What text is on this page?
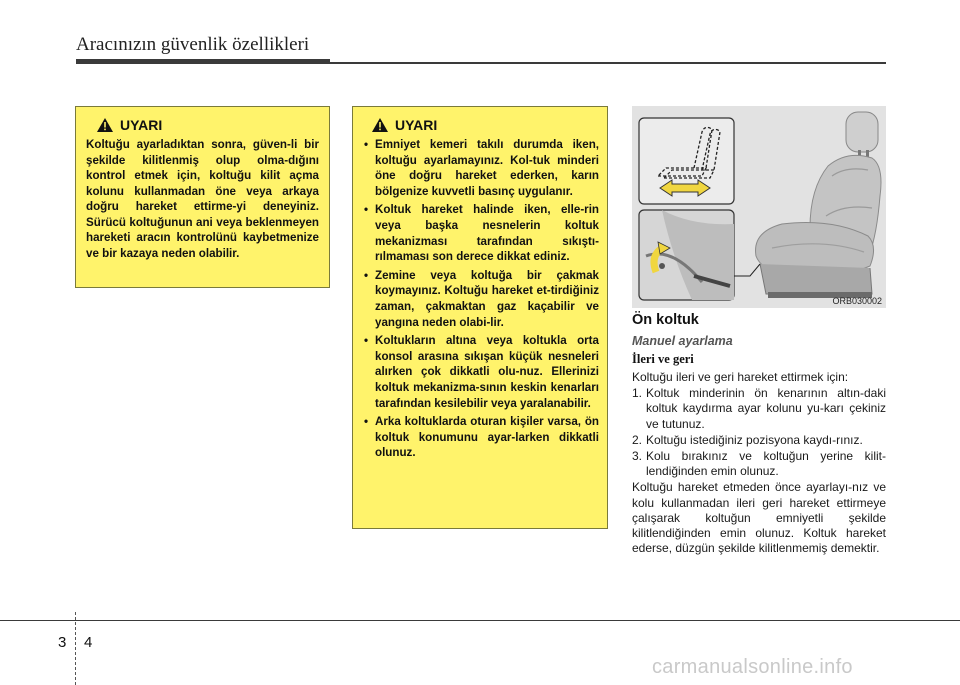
Aracınızın güvenlik özellikleri
UYARI
Koltuğu ayarladıktan sonra, güven-li bir şekilde kilitlenmiş olup olma-dığını kontrol etmek için, koltuğu kilit açma kolunu kullanmadan öne veya arkaya doğru hareket ettirme-yi deneyiniz. Sürücü koltuğunun ani veya beklenmeyen hareketi aracın kontrolünü kaybetmenize ve bir kazaya neden olabilir.
UYARI
• Emniyet kemeri takılı durumda iken, koltuğu ayarlamayınız. Kol-tuk minderi öne doğru hareket ederken, karın bölgenize kuvvetli basınç uygulanır.
• Koltuk hareket halinde iken, elle-rin veya başka nesnelerin koltuk mekanizması tarafından sıkıştı-rılmaması son derece dikkat ediniz.
• Zemine veya koltuğa bir çakmak koymayınız. Koltuğu hareket et-tirdiğiniz zaman, çakmaktan gaz kaçabilir ve yangına neden olabi-lir.
• Koltukların altına veya koltukla orta konsol arasına sıkışan küçük nesneleri alırken çok dikkatli olu-nuz. Ellerinizi koltuk mekanizma-sının keskin kenarları tarafından kesilebilir veya yaralanabilir.
• Arka koltuklarda oturan kişiler varsa, ön koltuk konumunu ayar-larken dikkatli olunuz.
ORB030002
Ön koltuk
Manuel ayarlama
İleri ve geri
Koltuğu ileri ve geri hareket ettirmek için:
1. Koltuk minderinin ön kenarının altın-daki koltuk kaydırma ayar kolunu yu-karı çekiniz ve tutunuz.
2. Koltuğu istediğiniz pozisyona kaydı-rınız.
3. Kolu bırakınız ve koltuğun yerine kilit-lendiğinden emin olunuz.
Koltuğu hareket etmeden önce ayarlayı-nız ve kolu kullanmadan ileri geri hareket ettirmeye çalışarak koltuğun emniyetli şekilde kilitlendiğinden emin olunuz. Koltuk hareket ederse, düzgün şekilde kilitlenmemiş demektir.
3 4
carmanualsonline.info
